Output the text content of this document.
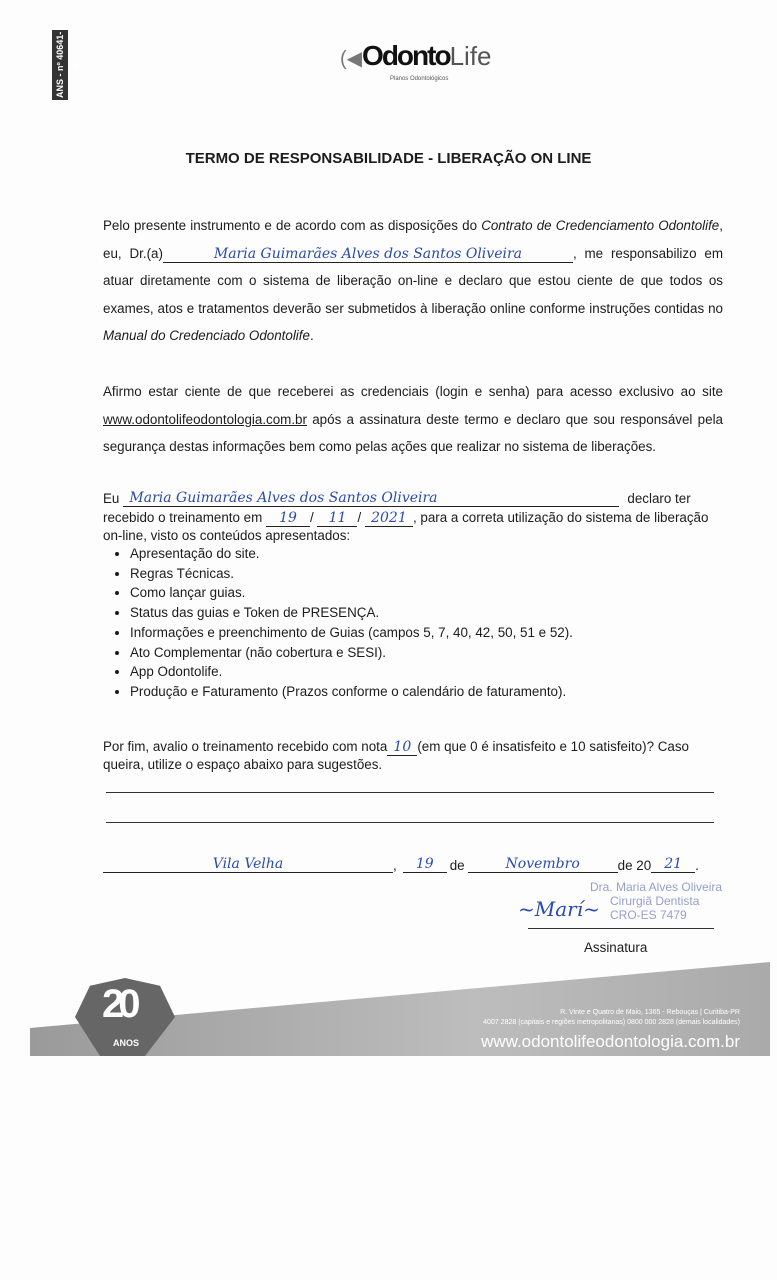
ANS - nº 40641-4	(◀OdontoLife
Planos Odontológicos
TERMO DE RESPONSABILIDADE - LIBERAÇÃO ON LINE
Pelo presente instrumento e de acordo com as disposições do Contrato de Credenciamento Odontolife, eu, Dr.(a)	Maria Guimarães Alves dos Santos Oliveira	, me responsabilizo em atuar diretamente com o sistema de liberação on-line e declaro que estou ciente de que todos os exames, atos e tratamentos deverão ser submetidos à liberação online conforme instruções contidas no Manual do Credenciado Odontolife.
Afirmo estar ciente de que receberei as credenciais (login e senha) para acesso exclusivo ao site www.odontolifeodontologia.com.br após a assinatura deste termo e declaro que sou responsável pela segurança destas informações bem como pelas ações que realizar no sistema de liberações.
Eu Maria Guimarães Alves dos Santos Oliveira	declaro ter
recebido o treinamento em 19 / 11 / 2021 , para a correta utilização do sistema de liberação on-line, visto os conteúdos apresentados:
• Apresentação do site.
• Regras Técnicas.
• Como lançar guias.
• Status das guias e Token de PRESENÇA.
• Informações e preenchimento de Guias (campos 5, 7, 40, 42, 50, 51 e 52).
• Ato Complementar (não cobertura e SESI).
• App Odontolife.
• Produção e Faturamento (Prazos conforme o calendário de faturamento).
Por fim, avalio o treinamento recebido com nota 10 (em que 0 é insatisfeito e 10 satisfeito)? Caso queira, utilize o espaço abaixo para sugestões.
Vila Velha	,	19	de	Novembro	de 20 21 .
Dra. Maria Alves Oliveira
Cirurgiã Dentista
CRO-ES 7479
~Marí~
Assinatura
20
ANOS
R. Vinte e Quatro de Maio, 1365 - Rebouças | Curitiba-PR
4007 2828 (capitais e regiões metropolitanas) 0800 000 2828 (demais localidades)
www.odontolifeodontologia.com.br
